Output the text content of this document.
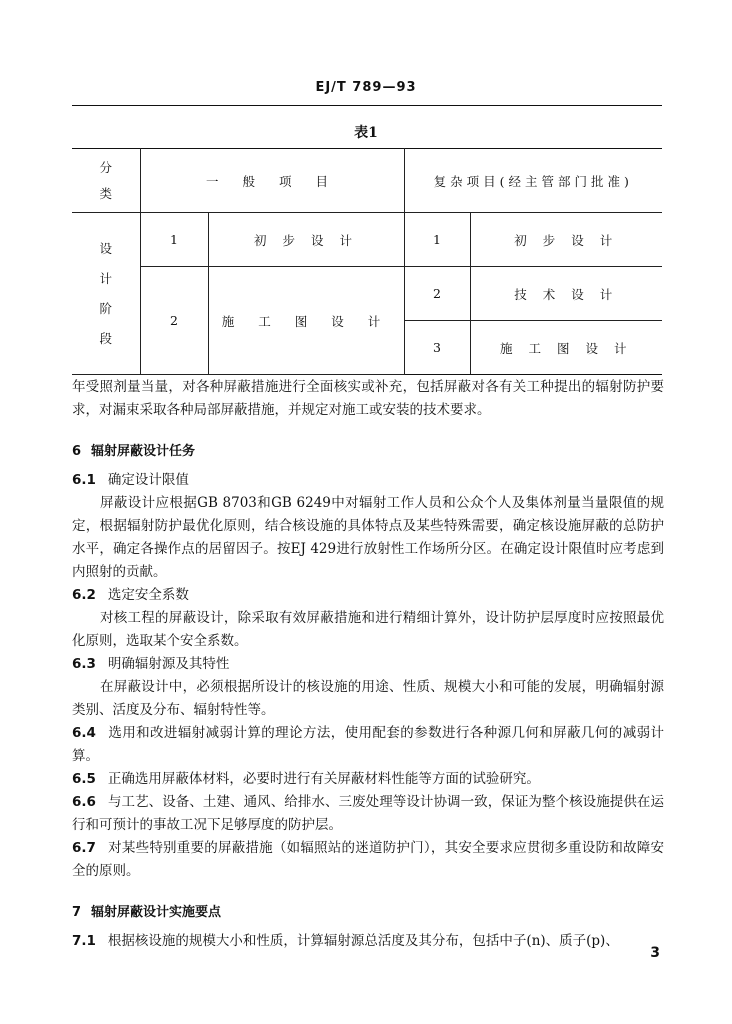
EJ/T 789—93
表1
分类	一 般 项 目		复杂项目(经主管部门批准)	

设计阶段	1	初 步 设 计	1	初 步 设 计
	2	施 工 图 设 计	2	技 术 设 计
			3	施 工 图 设 计

年受照剂量当量，对各种屏蔽措施进行全面核实或补充，包括屏蔽对各有关工种提出的辐射防护要求，对漏束采取各种局部屏蔽措施，并规定对施工或安装的技术要求。

6 辐射屏蔽设计任务

6.1 确定设计限值

屏蔽设计应根据GB 8703和GB 6249中对辐射工作人员和公众个人及集体剂量当量限值的规定，根据辐射防护最优化原则，结合核设施的具体特点及某些特殊需要，确定核设施屏蔽的总防护水平，确定各操作点的居留因子。按EJ 429进行放射性工作场所分区。在确定设计限值时应考虑到内照射的贡献。

6.2 选定安全系数

对核工程的屏蔽设计，除采取有效屏蔽措施和进行精细计算外，设计防护层厚度时应按照最优化原则，选取某个安全系数。

6.3 明确辐射源及其特性

在屏蔽设计中，必须根据所设计的核设施的用途、性质、规模大小和可能的发展，明确辐射源类别、活度及分布、辐射特性等。

6.4 选用和改进辐射减弱计算的理论方法，使用配套的参数进行各种源几何和屏蔽几何的减弱计算。

6.5 正确选用屏蔽体材料，必要时进行有关屏蔽材料性能等方面的试验研究。

6.6 与工艺、设备、土建、通风、给排水、三废处理等设计协调一致，保证为整个核设施提供在运行和可预计的事故工况下足够厚度的防护层。

6.7 对某些特别重要的屏蔽措施（如辐照站的迷道防护门），其安全要求应贯彻多重设防和故障安全的原则。

7 辐射屏蔽设计实施要点

7.1 根据核设施的规模大小和性质，计算辐射源总活度及其分布，包括中子(n)、质子(p)、

3
